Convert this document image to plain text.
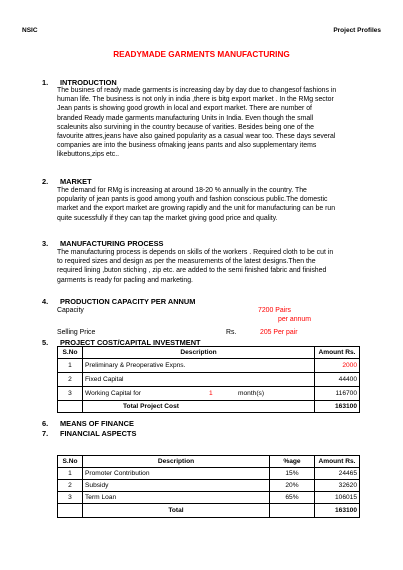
NSIC	Project Profiles
READYMADE GARMENTS MANUFACTURING
1. INTRODUCTION
The busines of ready made garments is increasing day by day due to changesof fashions in
human life. The business is not only in india ,there is bitg export market . In the RMg sector
Jean pants is showing good growth in local and export market. There are number of
branded Ready made garments manufacturing Units in India. Even though the small
scaleunits also survining in the country because of varities. Besides being one of the
favourite attres,jeans have also gained popularity as a casual wear too. These days several
companies are into the business ofmaking jeans pants and also supplementary items
likebuttons,zips etc..
2. MARKET
The demand for RMg is increasing at around 18-20 % annually in the country. The
popularity of jean pants is good among youth and fashion conscious public.The domestic
market and the export market are growing rapidly and the unit for manufacturing can be run
quite sucessfully if they can tap the market giving good price and quality.
3. MANUFACTURING PROCESS
The manufacturing process is depends on skills of the workers . Required cloth to be cut in
to required sizes and design as per the measurements of the latest designs.Then the
required lining ,buton stiching , zip etc. are added to the semi finished fabric and finished
garments is ready for pacling and marketing.
4. PRODUCTION CAPACITY PER ANNUM
Capacity	7200 Pairs
per annum
Selling Price	Rs.	205 Per pair
5. PROJECT COST/CAPITAL INVESTMENT
S.No	Description			Amount Rs.
1	Preliminary & Preoperative Expns.			2000
2	Fixed Capital			44400
3	Working Capital for	1	month(s)	116700
	Total Project Cost			163100
6. MEANS OF FINANCE
7. FINANCIAL ASPECTS
S.No	Description	%age	Amount Rs.
1	Promoter Contribution	15%	24465
2	Subsidy	20%	32620
3	Term Loan	65%	106015
	Total		163100
